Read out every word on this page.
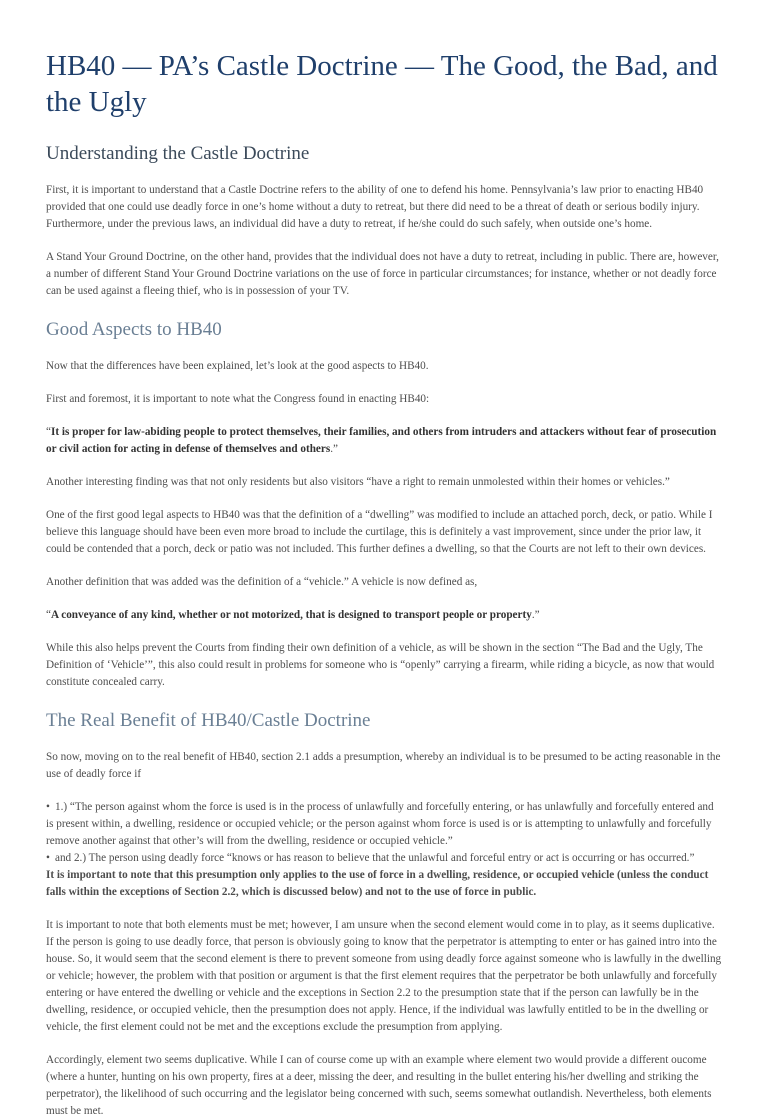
HB40 — PA’s Castle Doctrine — The Good, the Bad, and the Ugly
Understanding the Castle Doctrine

First, it is important to understand that a Castle Doctrine refers to the ability of one to defend his home. Pennsylvania’s law prior to enacting HB40 provided that one could use deadly force in one’s home without a duty to retreat, but there did need to be a threat of death or serious bodily injury. Furthermore, under the previous laws, an individual did have a duty to retreat, if he/she could do such safely, when outside one’s home.

A Stand Your Ground Doctrine, on the other hand, provides that the individual does not have a duty to retreat, including in public. There are, however, a number of different Stand Your Ground Doctrine variations on the use of force in particular circumstances; for instance, whether or not deadly force can be used against a fleeing thief, who is in possession of your TV.

Good Aspects to HB40

Now that the differences have been explained, let’s look at the good aspects to HB40.

First and foremost, it is important to note what the Congress found in enacting HB40:

“It is proper for law-abiding people to protect themselves, their families, and others from intruders and attackers without fear of prosecution or civil action for acting in defense of themselves and others.”

Another interesting finding was that not only residents but also visitors “have a right to remain unmolested within their homes or vehicles.”

One of the first good legal aspects to HB40 was that the definition of a “dwelling” was modified to include an attached porch, deck, or patio. While I believe this language should have been even more broad to include the curtilage, this is definitely a vast improvement, since under the prior law, it could be contended that a porch, deck or patio was not included. This further defines a dwelling, so that the Courts are not left to their own devices.

Another definition that was added was the definition of a “vehicle.” A vehicle is now defined as,

“A conveyance of any kind, whether or not motorized, that is designed to transport people or property.”

While this also helps prevent the Courts from finding their own definition of a vehicle, as will be shown in the section “The Bad and the Ugly, The Definition of ‘Vehicle’”, this also could result in problems for someone who is “openly” carrying a firearm, while riding a bicycle, as now that would constitute concealed carry.

The Real Benefit of HB40/Castle Doctrine

So now, moving on to the real benefit of HB40, section 2.1 adds a presumption, whereby an individual is to be presumed to be acting reasonable in the use of deadly force if

• 1.) “The person against whom the force is used is in the process of unlawfully and forcefully entering, or has unlawfully and forcefully entered and is present within, a dwelling, residence or occupied vehicle; or the person against whom force is used is or is attempting to unlawfully and forcefully remove another against that other’s will from the dwelling, residence or occupied vehicle.”
• and 2.) The person using deadly force “knows or has reason to believe that the unlawful and forceful entry or act is occurring or has occurred.”
It is important to note that this presumption only applies to the use of force in a dwelling, residence, or occupied vehicle (unless the conduct falls within the exceptions of Section 2.2, which is discussed below) and not to the use of force in public.

It is important to note that both elements must be met; however, I am unsure when the second element would come in to play, as it seems duplicative. If the person is going to use deadly force, that person is obviously going to know that the perpetrator is attempting to enter or has gained intro into the house. So, it would seem that the second element is there to prevent someone from using deadly force against someone who is lawfully in the dwelling or vehicle; however, the problem with that position or argument is that the first element requires that the perpetrator be both unlawfully and forcefully entering or have entered the dwelling or vehicle and the exceptions in Section 2.2 to the presumption state that if the person can lawfully be in the dwelling, residence, or occupied vehicle, then the presumption does not apply. Hence, if the individual was lawfully entitled to be in the dwelling or vehicle, the first element could not be met and the exceptions exclude the presumption from applying.

Accordingly, element two seems duplicative. While I can of course come up with an example where element two would provide a different oucome (where a hunter, hunting on his own property, fires at a deer, missing the deer, and resulting in the bullet entering his/her dwelling and striking the perpetrator), the likelihood of such occurring and the legislator being concerned with such, seems somewhat outlandish. Nevertheless, both elements must be met.
